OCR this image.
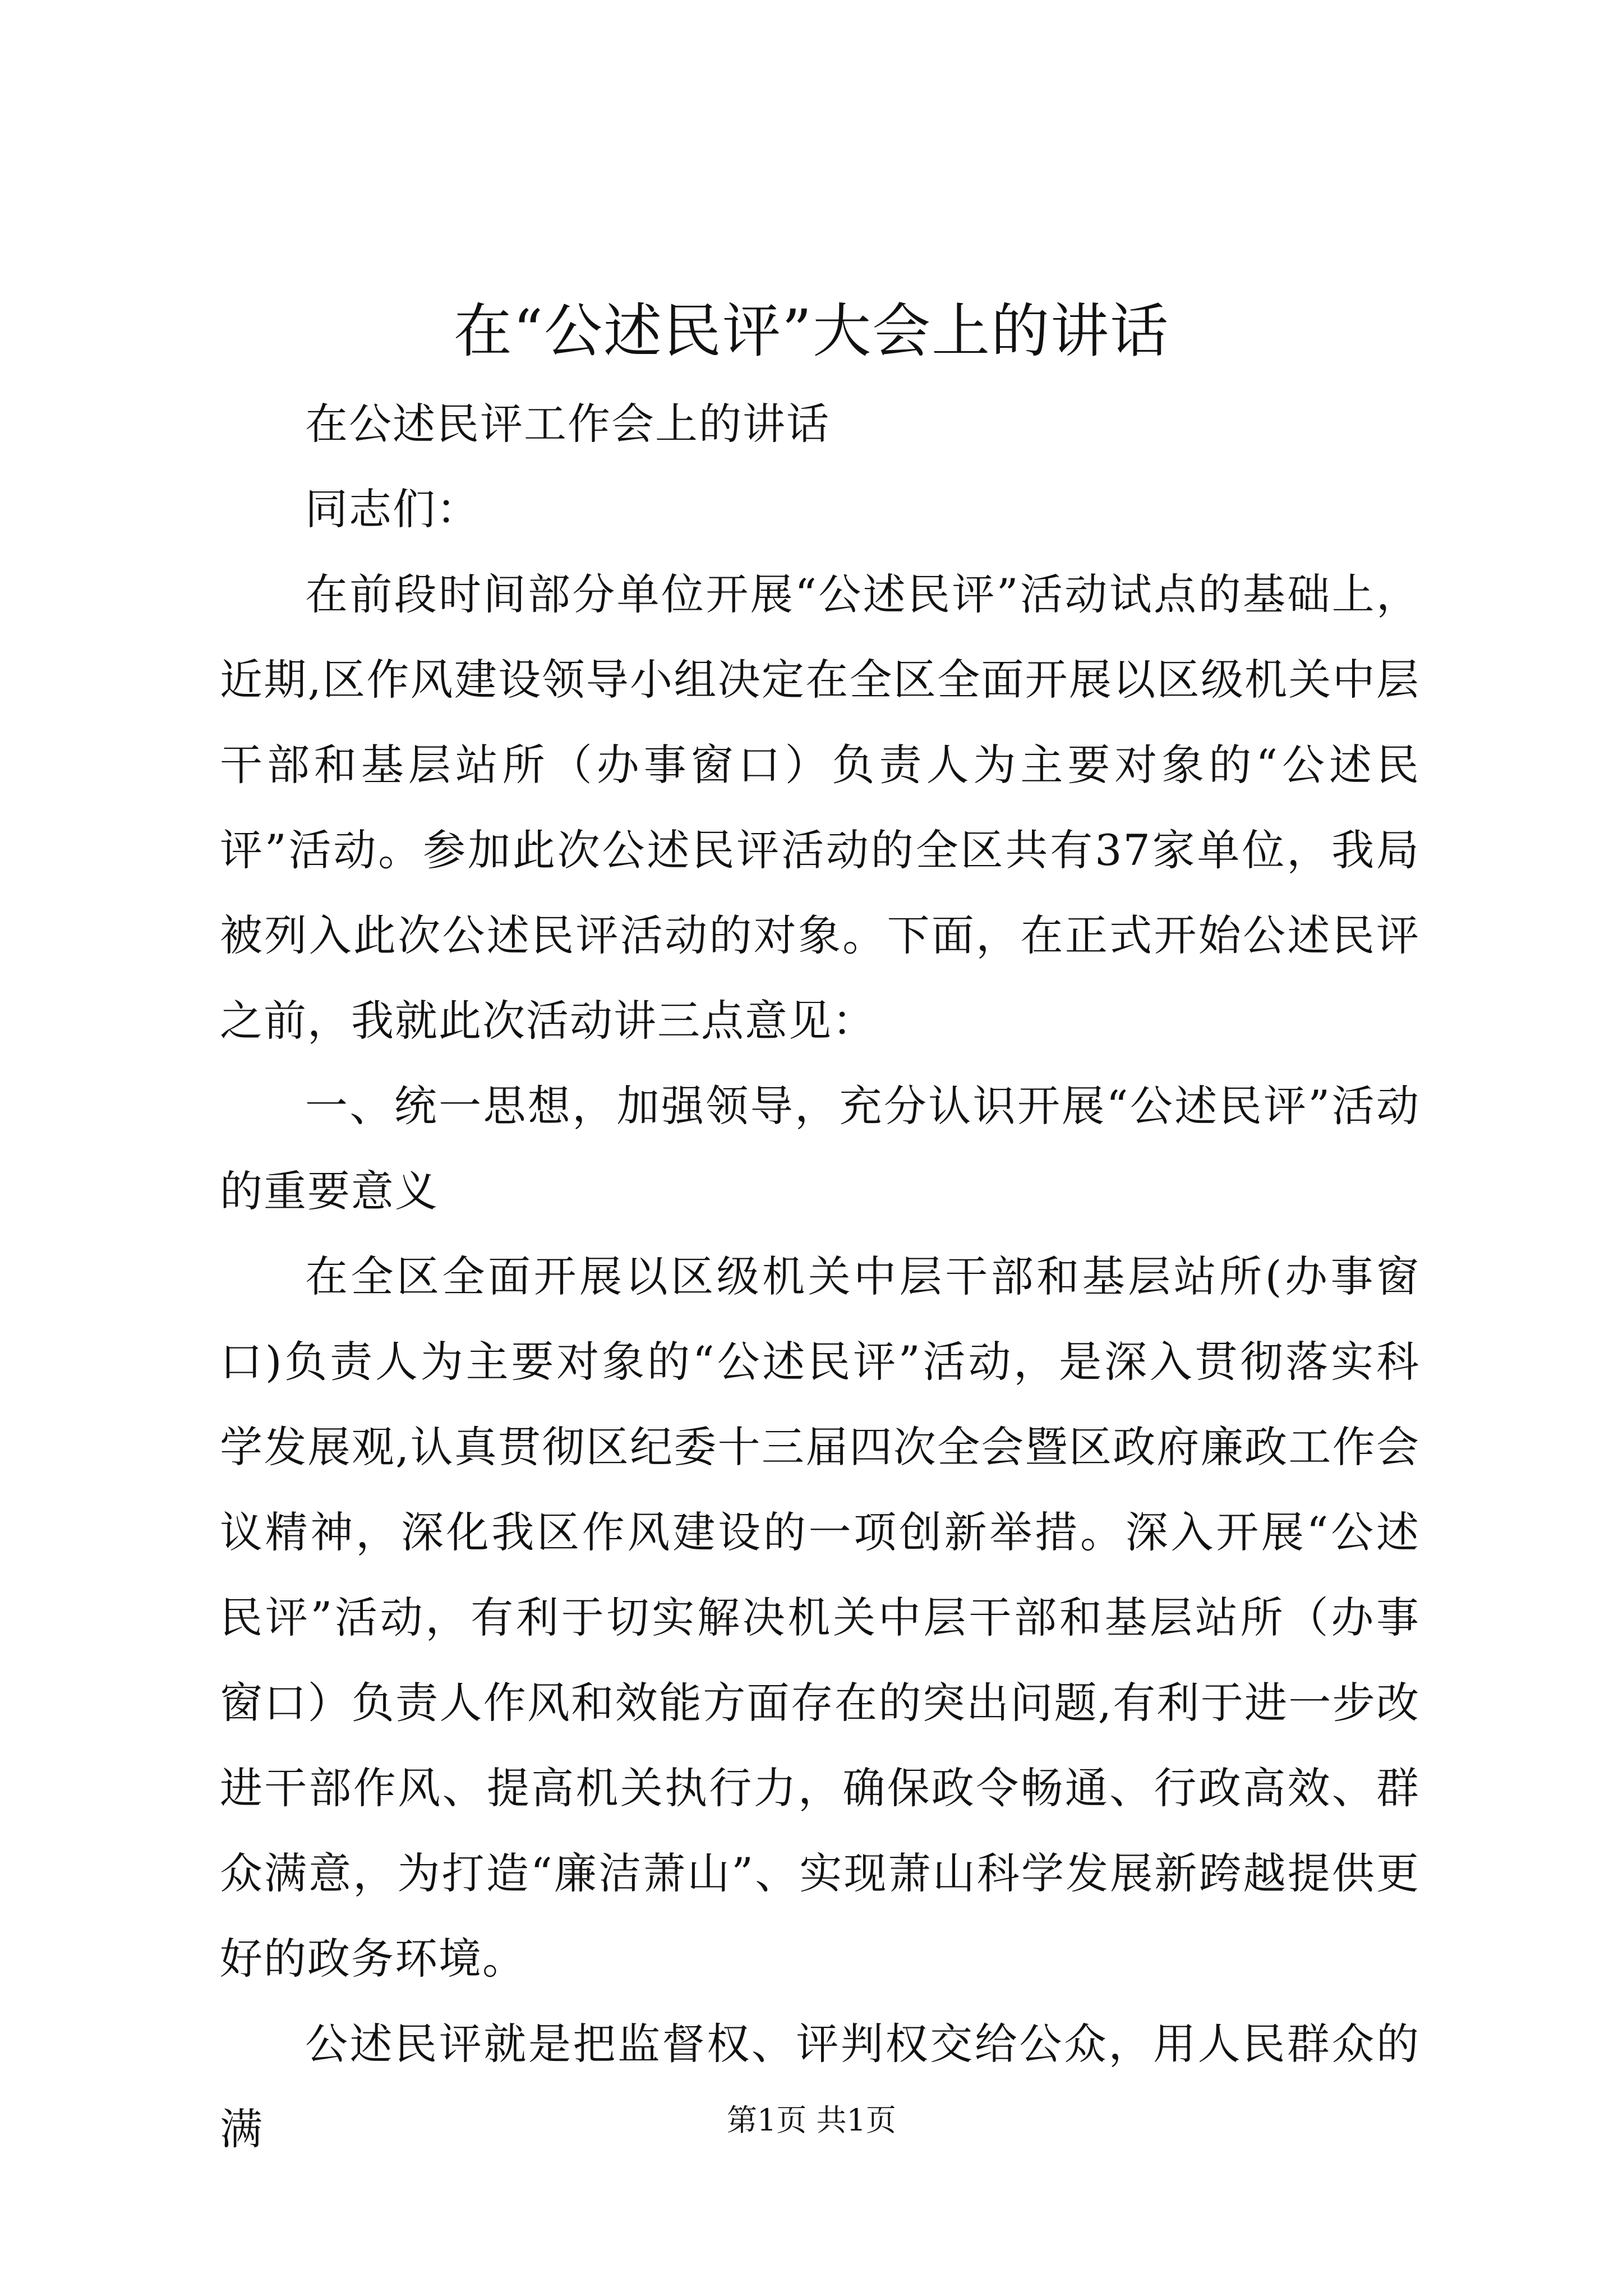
在“公述民评”大会上的讲话

在公述民评工作会上的讲话

同志们：

在前段时间部分单位开展“公述民评”活动试点的基础上，近期,区作风建设领导小组决定在全区全面开展以区级机关中层干部和基层站所（办事窗口）负责人为主要对象的“公述民评”活动。参加此次公述民评活动的全区共有37家单位，我局被列入此次公述民评活动的对象。下面，在正式开始公述民评之前，我就此次活动讲三点意见：

一、统一思想，加强领导，充分认识开展“公述民评”活动的重要意义

在全区全面开展以区级机关中层干部和基层站所(办事窗口)负责人为主要对象的“公述民评”活动，是深入贯彻落实科学发展观,认真贯彻区纪委十三届四次全会暨区政府廉政工作会议精神，深化我区作风建设的一项创新举措。深入开展“公述民评”活动，有利于切实解决机关中层干部和基层站所（办事窗口）负责人作风和效能方面存在的突出问题,有利于进一步改进干部作风、提高机关执行力，确保政令畅通、行政高效、群众满意，为打造“廉洁萧山”、实现萧山科学发展新跨越提供更好的政务环境。

公述民评就是把监督权、评判权交给公众，用人民群众的满	第1页 共1页
